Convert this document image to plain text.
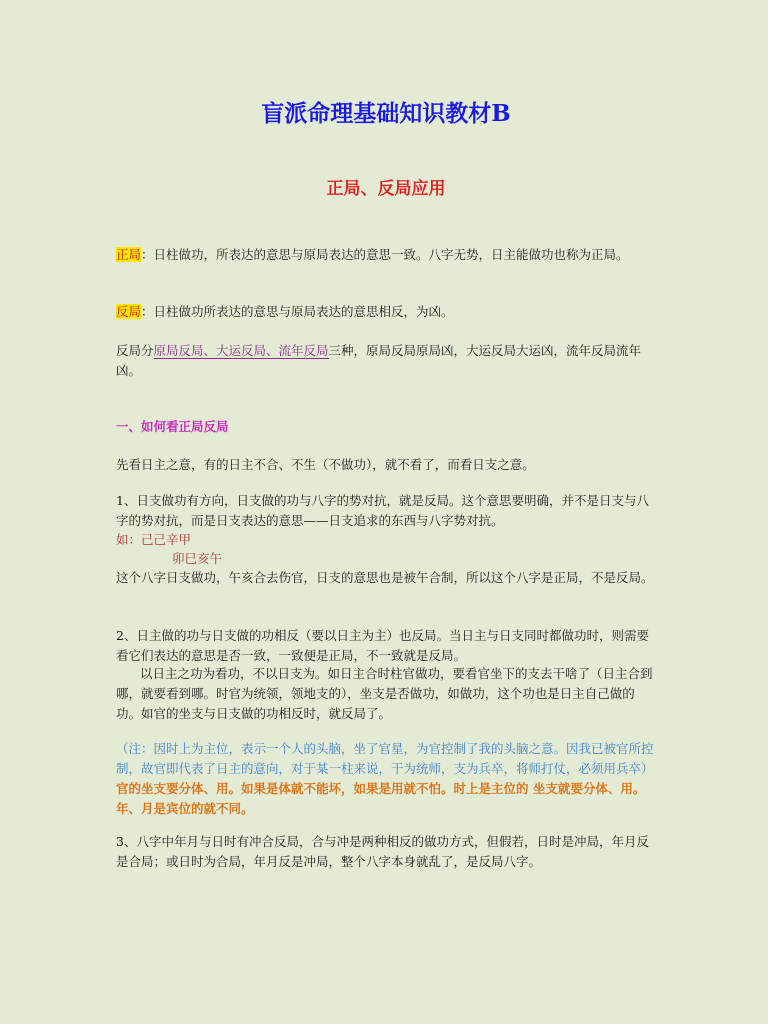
盲派命理基础知识教材B
正局、反局应用

正局：日柱做功，所表达的意思与原局表达的意思一致。八字无势，日主能做功也称为正局。

反局：日柱做功所表达的意思与原局表达的意思相反，为凶。

反局分原局反局、大运反局、流年反局三种，原局反局原局凶，大运反局大运凶，流年反局流年凶。

一、如何看正局反局

先看日主之意，有的日主不合、不生（不做功），就不看了，而看日支之意。

1、日支做功有方向，日支做的功与八字的势对抗，就是反局。这个意思要明确，并不是日支与八字的势对抗，而是日支表达的意思——日支追求的东西与八字势对抗。

如：己己辛甲

卯巳亥午

这个八字日支做功，午亥合去伤官，日支的意思也是被午合制，所以这个八字是正局，不是反局。

2、日主做的功与日支做的功相反（要以日主为主）也反局。当日主与日支同时都做功时，则需要看它们表达的意思是否一致，一致便是正局，不一致就是反局。

以日主之功为看功，不以日支为。如日主合时柱官做功，要看官坐下的支去干啥了（日主合到哪，就要看到哪。时官为统领，领地支的），坐支是否做功，如做功，这个功也是日主自己做的功。如官的坐支与日支做的功相反时，就反局了。

（注：因时上为主位，表示一个人的头脑，坐了官星，为官控制了我的头脑之意。因我已被官所控制，故官即代表了日主的意向，对于某一柱来说，干为统师，支为兵卒，将师打仗，必须用兵卒）官的坐支要分体、用。如果是体就不能坏，如果是用就不怕。时上是主位的 坐支就要分体、用。年、月是宾位的就不同。

3、八字中年月与日时有冲合反局，合与冲是两种相反的做功方式，但假若，日时是冲局，年月反是合局；或日时为合局，年月反是冲局，整个八字本身就乱了，是反局八字。
